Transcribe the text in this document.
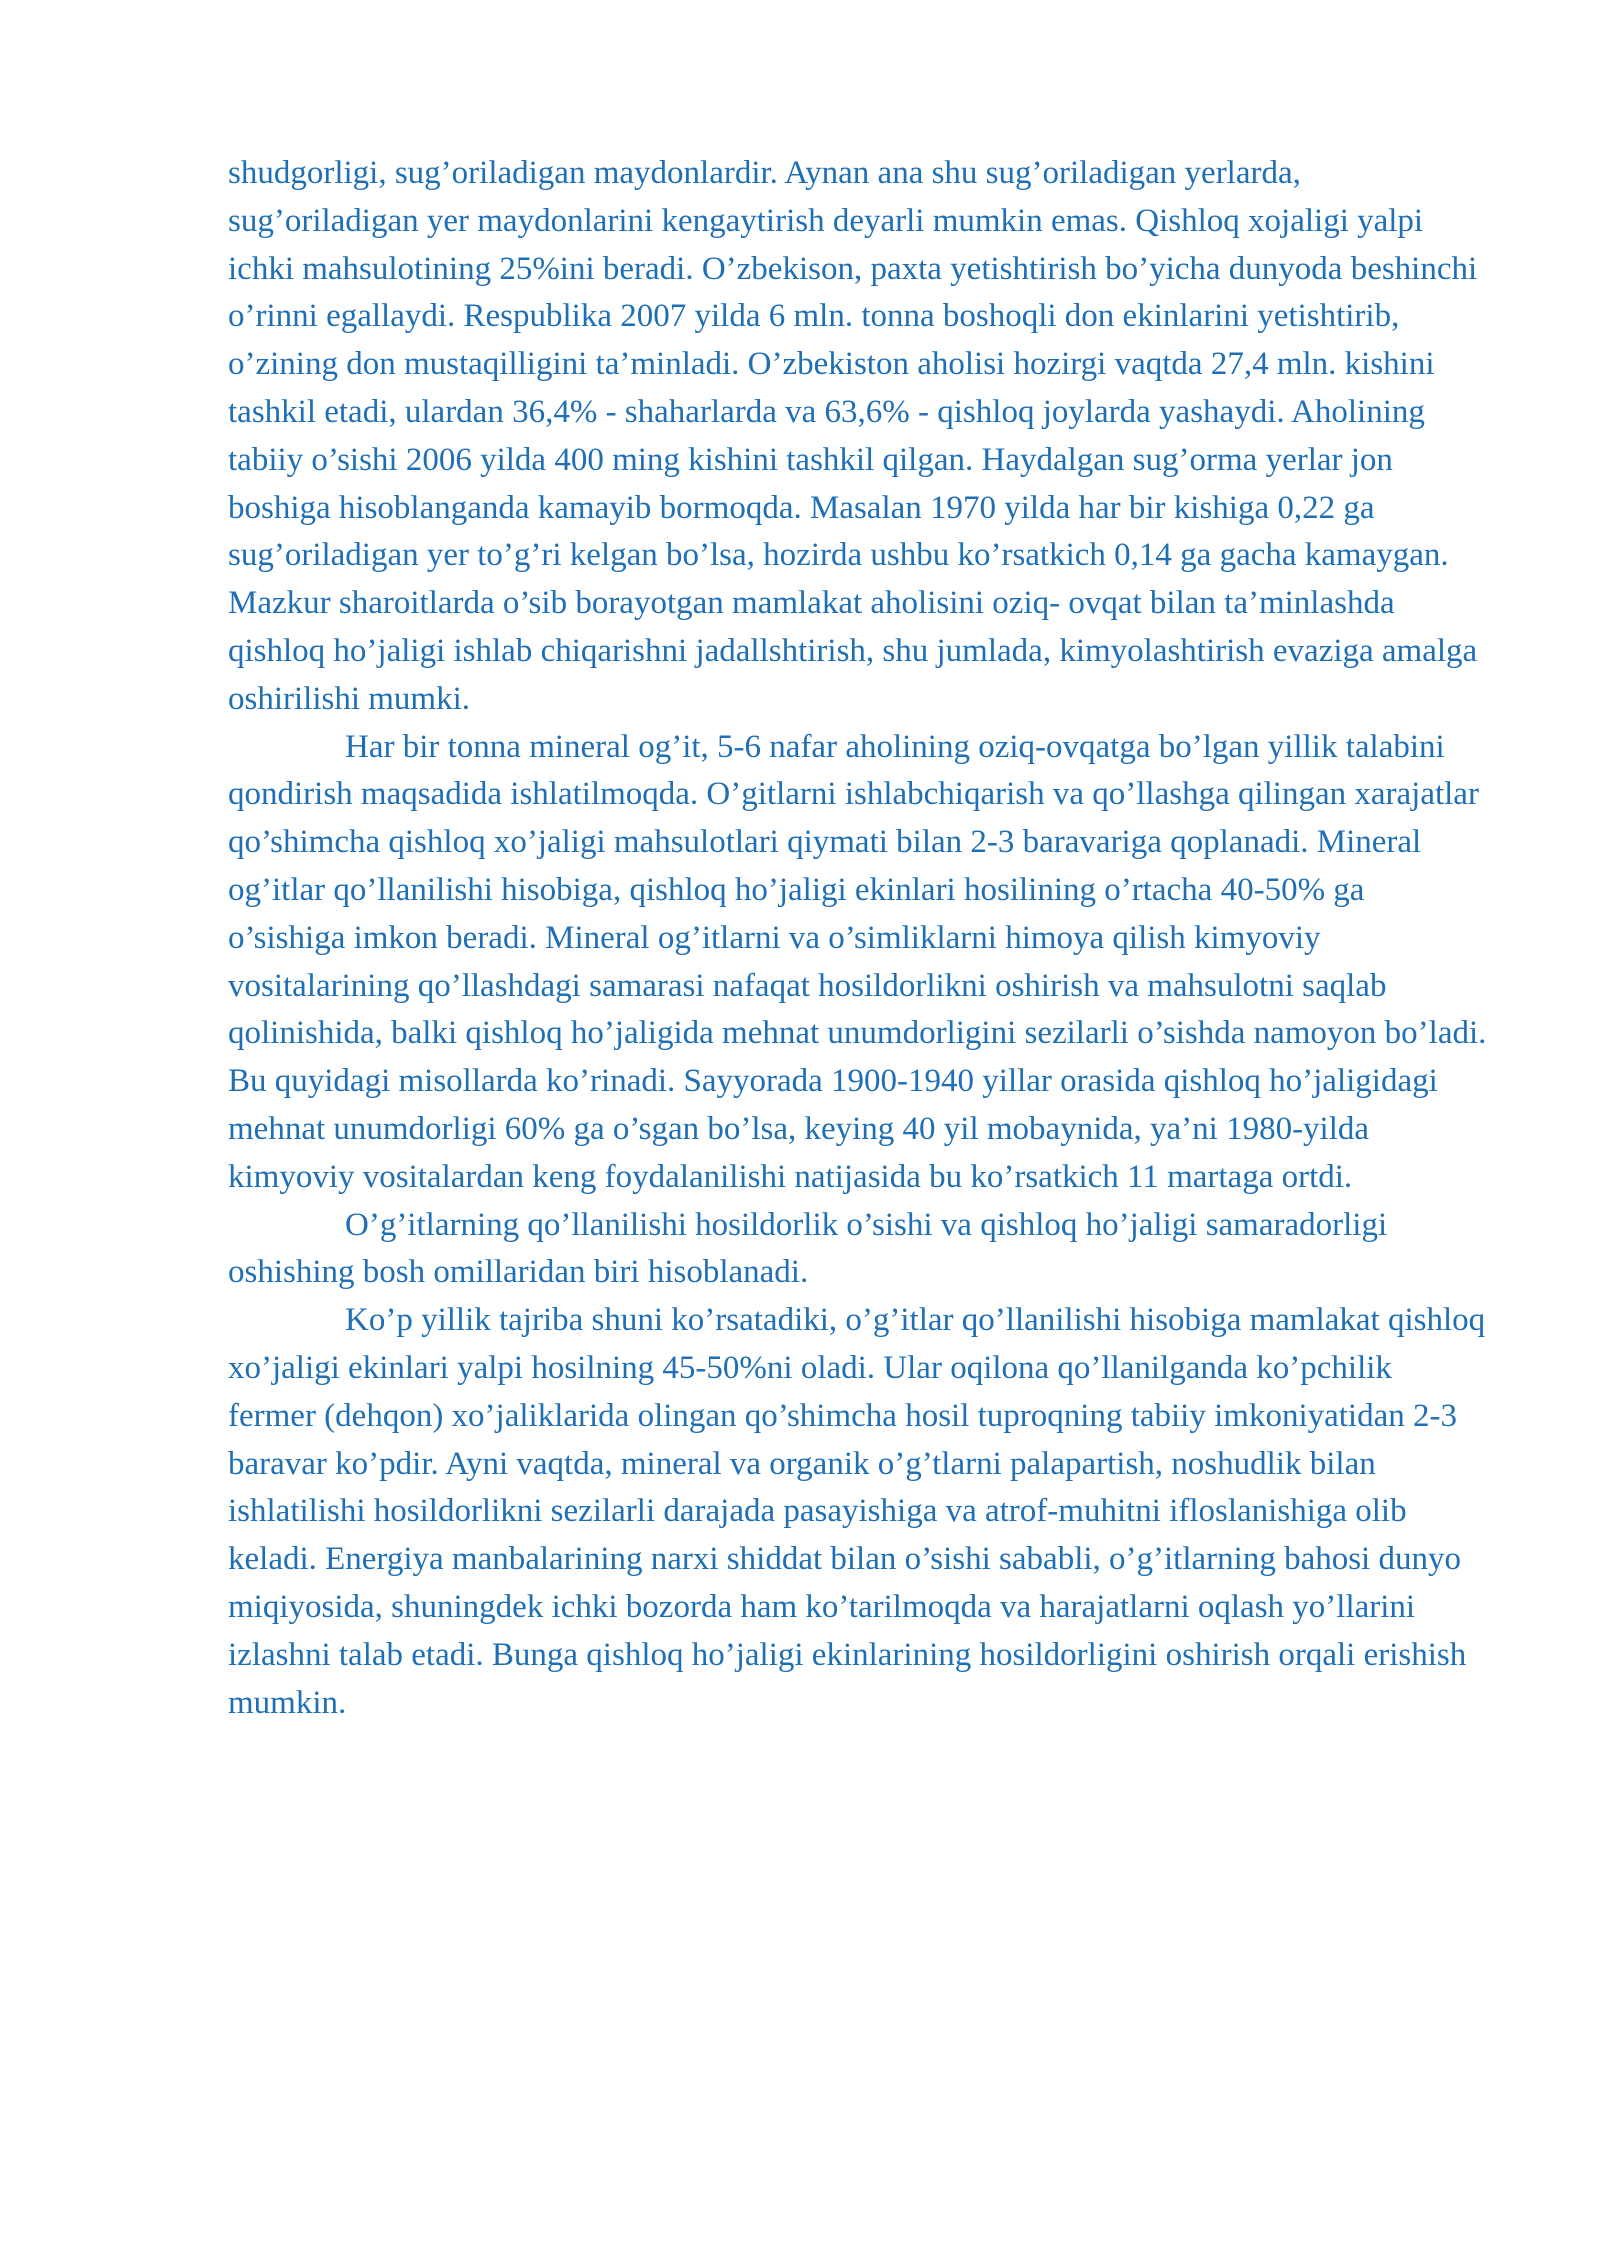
shudgorligi, sug’oriladigan maydonlardir. Aynan ana shu sug’oriladigan yerlarda, sug’oriladigan yer maydonlarini kengaytirish deyarli mumkin emas. Qishloq xojaligi yalpi ichki mahsulotining 25%ini beradi. O’zbekison, paxta yetishtirish bo’yicha dunyoda beshinchi o’rinni egallaydi. Respublika 2007 yilda 6 mln. tonna boshoqli don ekinlarini yetishtirib, o’zining don mustaqilligini ta’minladi. O’zbekiston aholisi hozirgi vaqtda 27,4 mln. kishini tashkil etadi, ulardan 36,4% - shaharlarda va 63,6% - qishloq joylarda yashaydi. Aholining tabiiy o’sishi 2006 yilda 400 ming kishini tashkil qilgan. Haydalgan sug’orma yerlar jon boshiga hisoblanganda kamayib bormoqda. Masalan 1970 yilda har bir kishiga 0,22 ga sug’oriladigan yer to’g’ri kelgan bo’lsa, hozirda ushbu ko’rsatkich 0,14 ga gacha kamaygan. Mazkur sharoitlarda o’sib borayotgan mamlakat aholisini oziq- ovqat bilan ta’minlashda qishloq ho’jaligi ishlab chiqarishni jadallshtirish, shu jumlada, kimyolashtirish evaziga amalga oshirilishi mumki.

Har bir tonna mineral og’it, 5-6 nafar aholining oziq-ovqatga bo’lgan yillik talabini qondirish maqsadida ishlatilmoqda. O’gitlarni ishlabchiqarish va qo’llashga qilingan xarajatlar qo’shimcha qishloq xo’jaligi mahsulotlari qiymati bilan 2-3 baravariga qoplanadi. Mineral og’itlar qo’llanilishi hisobiga, qishloq ho’jaligi ekinlari hosilining o’rtacha 40-50% ga o’sishiga imkon beradi. Mineral og’itlarni va o’simliklarni himoya qilish kimyoviy vositalarining qo’llashdagi samarasi nafaqat hosildorlikni oshirish va mahsulotni saqlab qolinishida, balki qishloq ho’jaligida mehnat unumdorligini sezilarli o’sishda namoyon bo’ladi. Bu quyidagi misollarda ko’rinadi. Sayyorada 1900-1940 yillar orasida qishloq ho’jaligidagi mehnat unumdorligi 60% ga o’sgan bo’lsa, keying 40 yil mobaynida, ya’ni 1980-yilda kimyoviy vositalardan keng foydalanilishi natijasida bu ko’rsatkich 11 martaga ortdi.

O’g’itlarning qo’llanilishi hosildorlik o’sishi va qishloq ho’jaligi samaradorligi oshishing bosh omillaridan biri hisoblanadi.

Ko’p yillik tajriba shuni ko’rsatadiki, o’g’itlar qo’llanilishi hisobiga mamlakat qishloq xo’jaligi ekinlari yalpi hosilning 45-50%ni oladi. Ular oqilona qo’llanilganda ko’pchilik fermer (dehqon) xo’jaliklarida olingan qo’shimcha hosil tuproqning tabiiy imkoniyatidan 2-3 baravar ko’pdir. Ayni vaqtda, mineral va organik o’g’tlarni palapartish, noshudlik bilan ishlatilishi hosildorlikni sezilarli darajada pasayishiga va atrof-muhitni ifloslanishiga olib keladi. Energiya manbalarining narxi shiddat bilan o’sishi sababli, o’g’itlarning bahosi dunyo miqiyosida, shuningdek ichki bozorda ham ko’tarilmoqda va harajatlarni oqlash yo’llarini izlashni talab etadi. Bunga qishloq ho’jaligi ekinlarining hosildorligini oshirish orqali erishish mumkin.
